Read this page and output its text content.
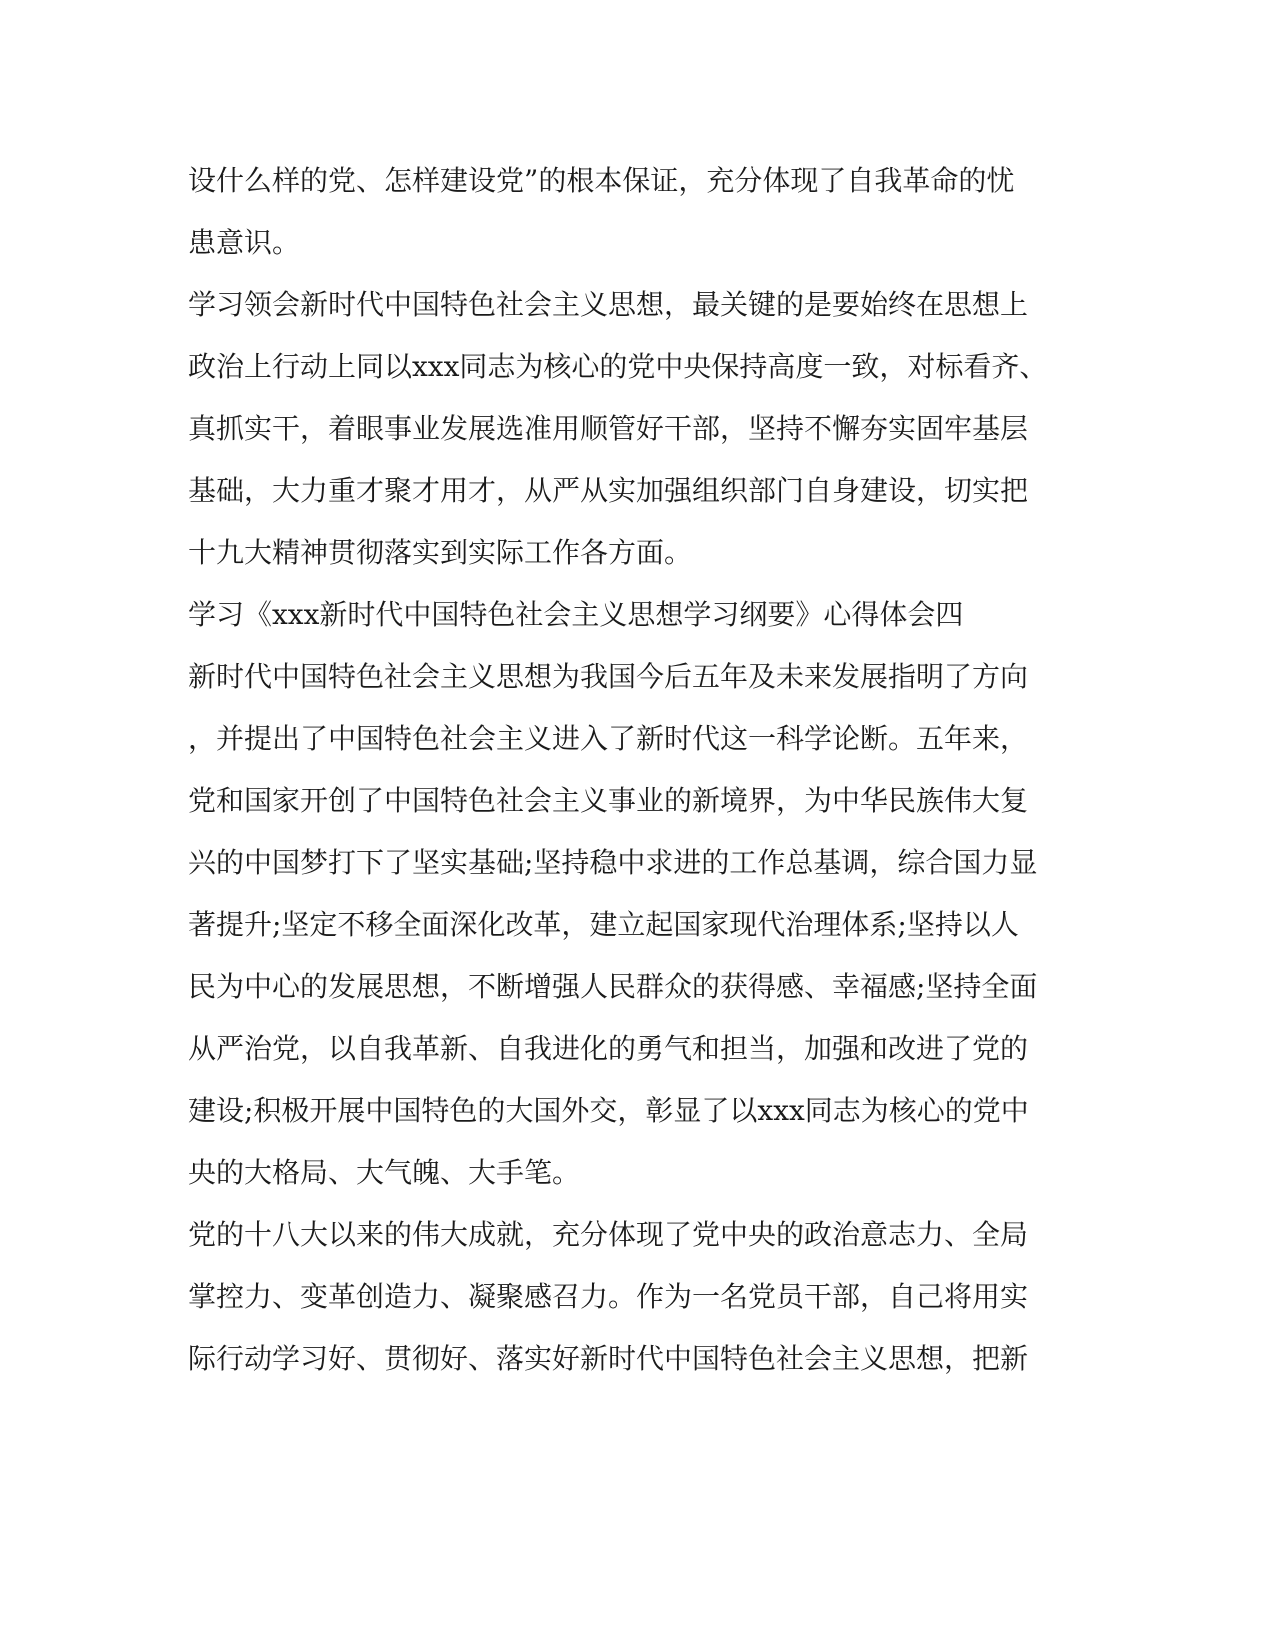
设什么样的党、怎样建设党”的根本保证，充分体现了自我革命的忧

患意识。

学习领会新时代中国特色社会主义思想，最关键的是要始终在思想上

政治上行动上同以xxx同志为核心的党中央保持高度一致，对标看齐、

真抓实干，着眼事业发展选准用顺管好干部，坚持不懈夯实固牢基层

基础，大力重才聚才用才，从严从实加强组织部门自身建设，切实把

十九大精神贯彻落实到实际工作各方面。

学习《xxx新时代中国特色社会主义思想学习纲要》心得体会四

新时代中国特色社会主义思想为我国今后五年及未来发展指明了方向

，并提出了中国特色社会主义进入了新时代这一科学论断。五年来，

党和国家开创了中国特色社会主义事业的新境界，为中华民族伟大复

兴的中国梦打下了坚实基础;坚持稳中求进的工作总基调，综合国力显

著提升;坚定不移全面深化改革，建立起国家现代治理体系;坚持以人

民为中心的发展思想，不断增强人民群众的获得感、幸福感;坚持全面

从严治党，以自我革新、自我进化的勇气和担当，加强和改进了党的

建设;积极开展中国特色的大国外交，彰显了以xxx同志为核心的党中

央的大格局、大气魄、大手笔。

党的十八大以来的伟大成就，充分体现了党中央的政治意志力、全局

掌控力、变革创造力、凝聚感召力。作为一名党员干部，自己将用实

际行动学习好、贯彻好、落实好新时代中国特色社会主义思想，把新
